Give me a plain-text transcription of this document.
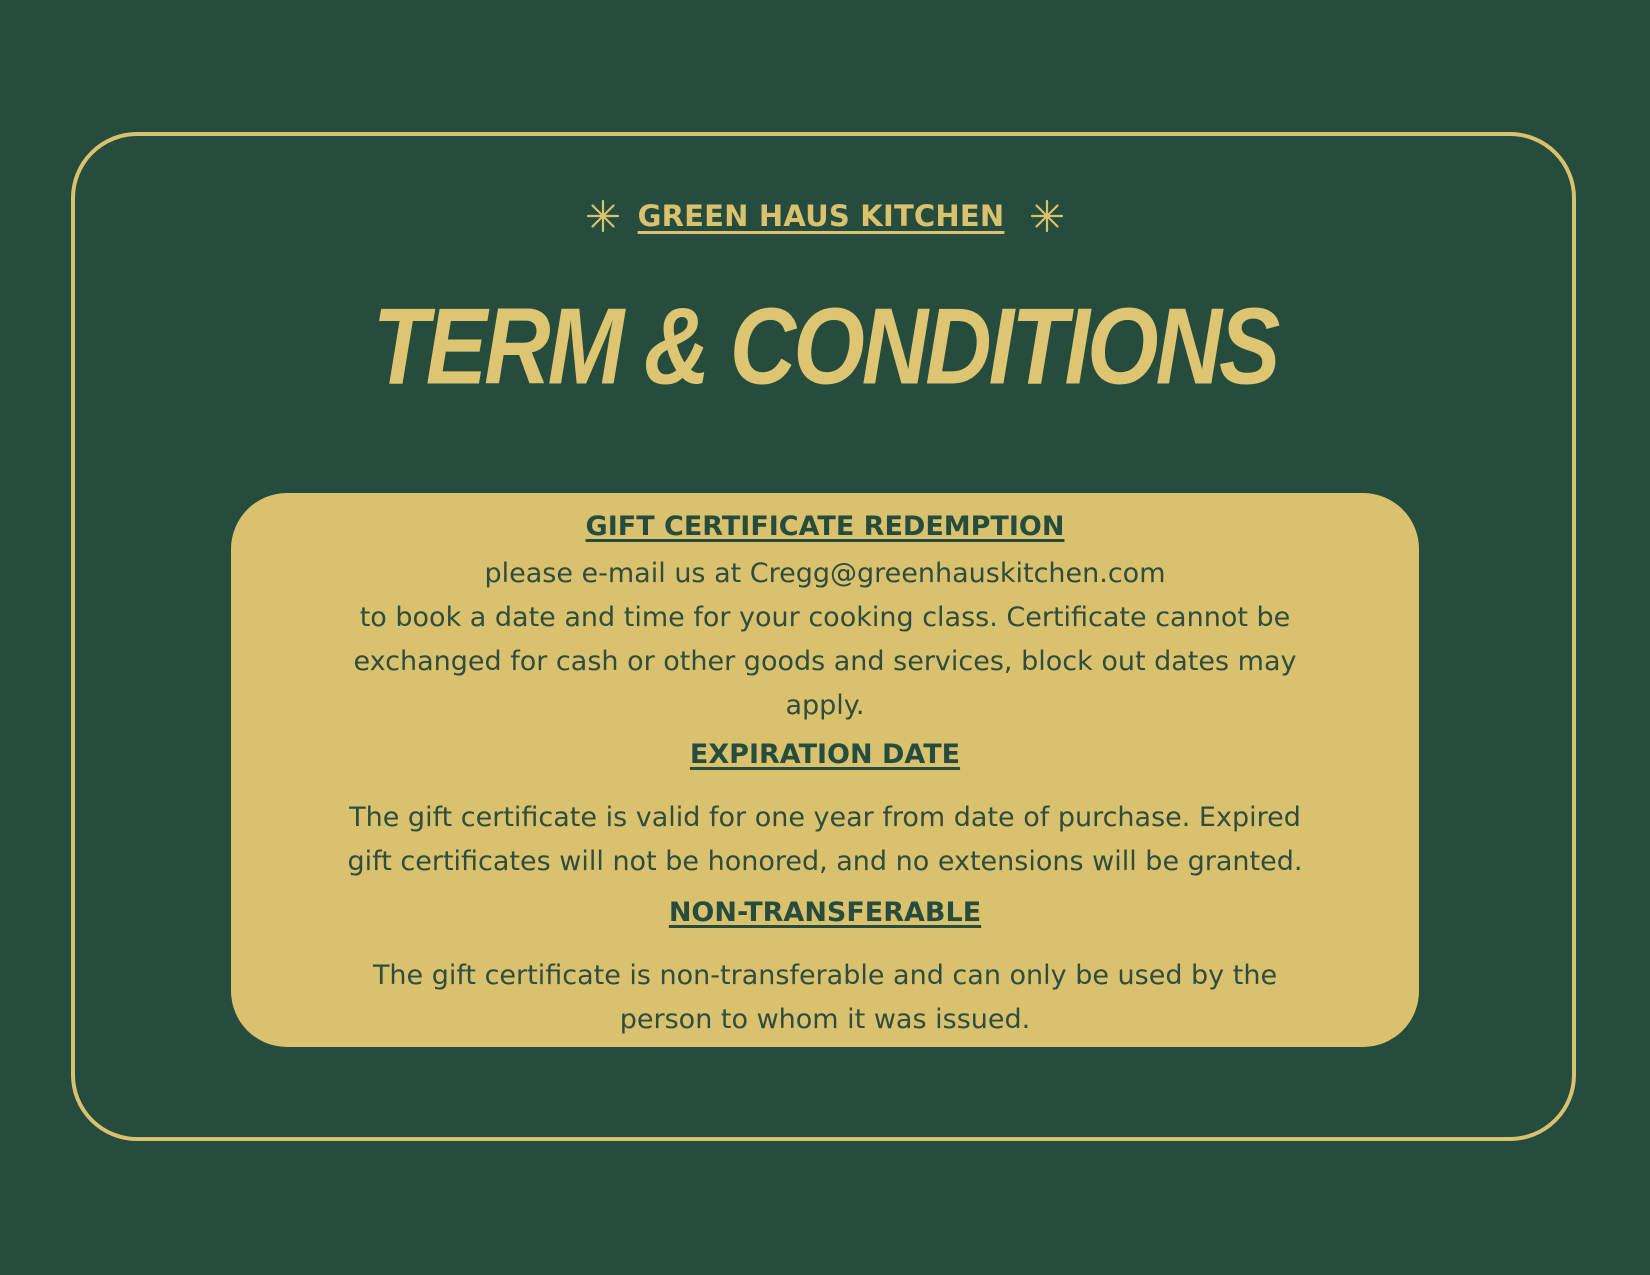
GREEN HAUS KITCHEN
TERM & CONDITIONS
GIFT CERTIFICATE REDEMPTION

please e-mail us at Cregg@greenhauskitchen.com
to book a date and time for your cooking class. Certificate cannot be
exchanged for cash or other goods and services, block out dates may
apply.

EXPIRATION DATE

The gift certificate is valid for one year from date of purchase. Expired
gift certificates will not be honored, and no extensions will be granted.

NON-TRANSFERABLE

The gift certificate is non-transferable and can only be used by the
person to whom it was issued.
